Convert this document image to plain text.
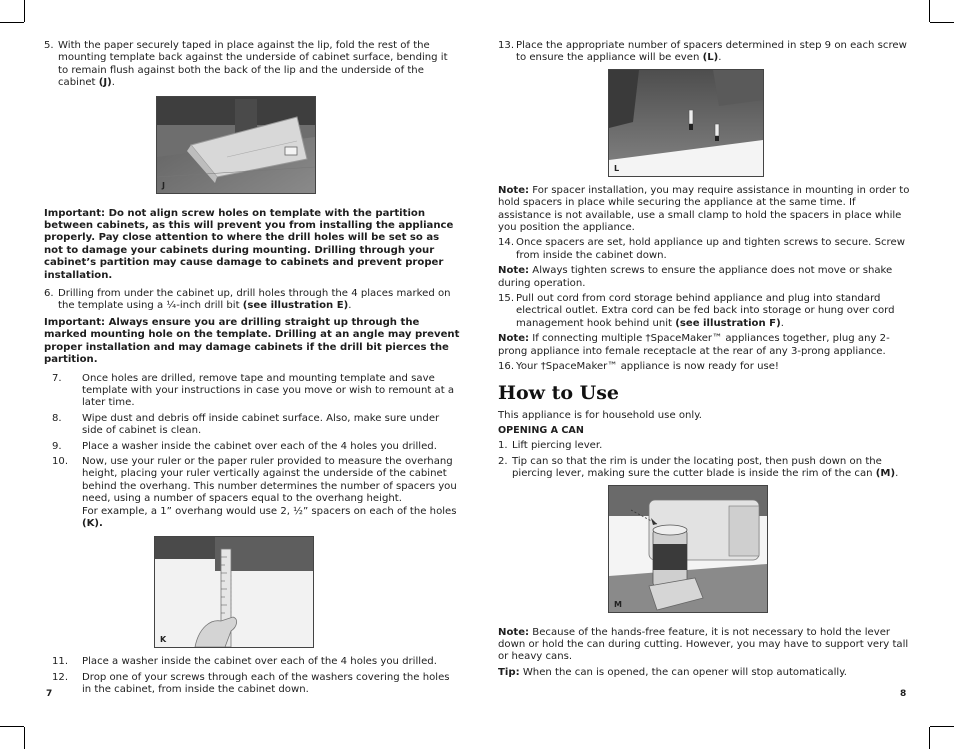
5. With the paper securely taped in place against the lip, fold the rest of the mounting template back against the underside of cabinet surface, bending it to remain flush against both the back of the lip and the underside of the cabinet (J).
J

Important: Do not align screw holes on template with the partition between cabinets, as this will prevent you from installing the appliance properly. Pay close attention to where the drill holes will be set so as not to damage your cabinets during mounting. Drilling through your cabinet’s partition may cause damage to cabinets and prevent proper installation.

6. Drilling from under the cabinet up, drill holes through the 4 places marked on the template using a ¼-inch drill bit (see illustration E).

Important: Always ensure you are drilling straight up through the marked mounting hole on the template. Drilling at an angle may prevent proper installation and may damage cabinets if the drill bit pierces the partition.

7. Once holes are drilled, remove tape and mounting template and save template with your instructions in case you move or wish to remount at a later time.
8. Wipe dust and debris off inside cabinet surface. Also, make sure under side of cabinet is clean.
9. Place a washer inside the cabinet over each of the 4 holes you drilled.
10. Now, use your ruler or the paper ruler provided to measure the overhang height, placing your ruler vertically against the underside of the cabinet behind the overhang. This number determines the number of spacers you need, using a number of spacers equal to the overhang height.
For example, a 1” overhang would use 2, ½” spacers on each of the holes (K).
K
11. Place a washer inside the cabinet over each of the 4 holes you drilled.
12. Drop one of your screws through each of the washers covering the holes in the cabinet, from inside the cabinet down.
7
13. Place the appropriate number of spacers determined in step 9 on each screw to ensure the appliance will be even (L).
L

Note: For spacer installation, you may require assistance in mounting in order to hold spacers in place while securing the appliance at the same time. If assistance is not available, use a small clamp to hold the spacers in place while you position the appliance.

14. Once spacers are set, hold appliance up and tighten screws to secure. Screw from inside the cabinet down.

Note: Always tighten screws to ensure the appliance does not move or shake during operation.

15. Pull out cord from cord storage behind appliance and plug into standard electrical outlet. Extra cord can be fed back into storage or hung over cord management hook behind unit (see illustration F).

Note: If connecting multiple †SpaceMaker™ appliances together, plug any 2-prong appliance into female receptacle at the rear of any 3-prong appliance.

16. Your †SpaceMaker™ appliance is now ready for use!
How to Use

This appliance is for household use only.

OPENING A CAN

1. Lift piercing lever.
2. Tip can so that the rim is under the locating post, then push down on the piercing lever, making sure the cutter blade is inside the rim of the can (M).
M

Note: Because of the hands-free feature, it is not necessary to hold the lever down or hold the can during cutting. However, you may have to support very tall or heavy cans.

Tip: When the can is opened, the can opener will stop automatically.

8
